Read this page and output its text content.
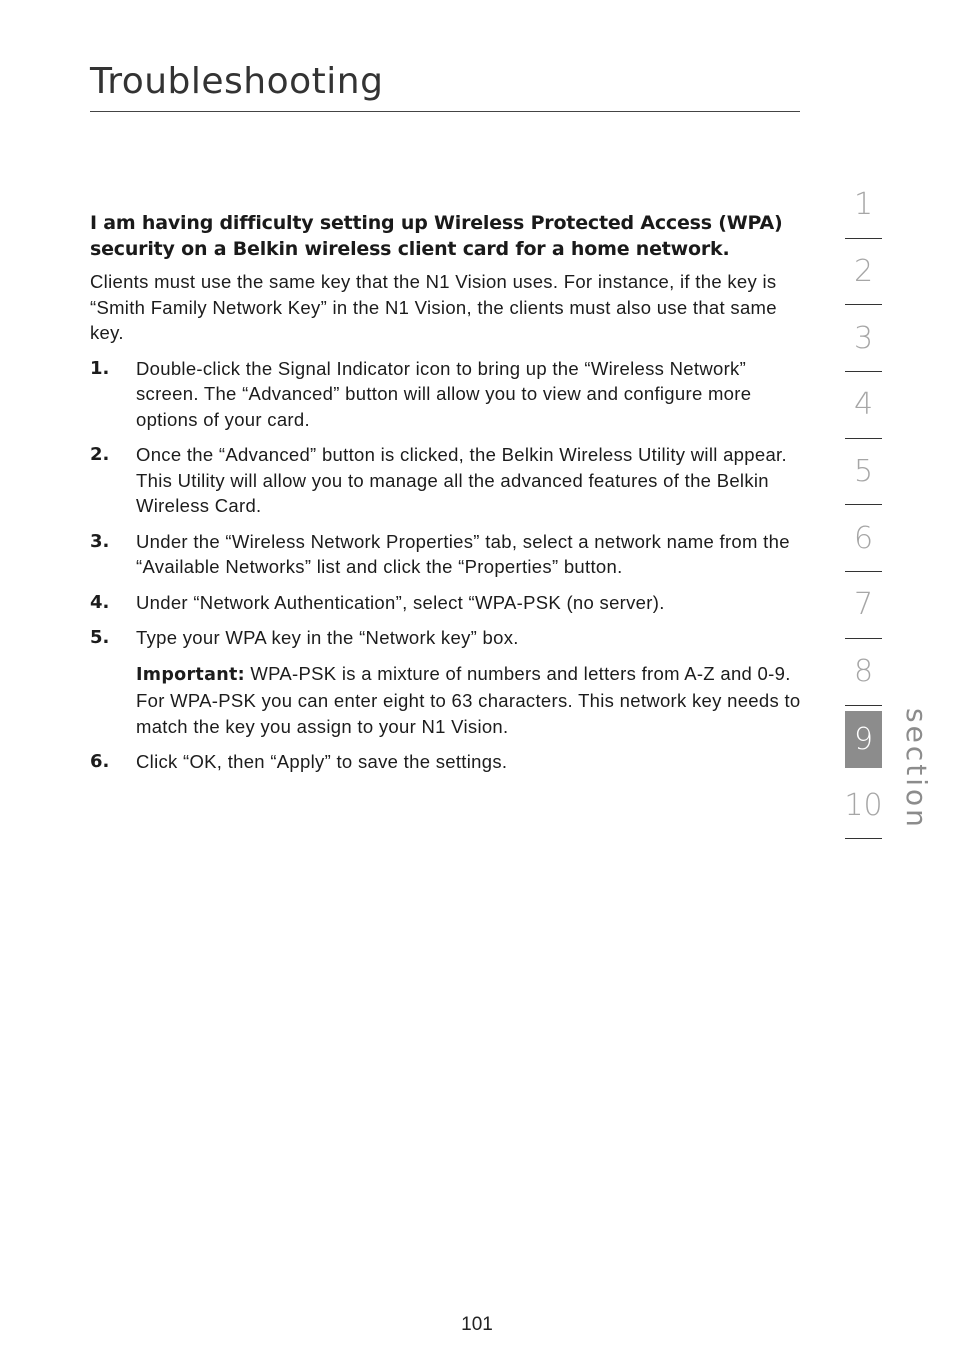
Troubleshooting

I am having difficulty setting up Wireless Protected Access (WPA) security on a Belkin wireless client card for a home network.

Clients must use the same key that the N1 Vision uses. For instance, if the key is “Smith Family Network Key” in the N1 Vision, the clients must also use that same key.

1. Double-click the Signal Indicator icon to bring up the “Wireless Network” screen. The “Advanced” button will allow you to view and configure more options of your card.
2. Once the “Advanced” button is clicked, the Belkin Wireless Utility will appear. This Utility will allow you to manage all the advanced features of the Belkin Wireless Card.
3. Under the “Wireless Network Properties” tab, select a network name from the “Available Networks” list and click the “Properties” button.
4. Under “Network Authentication”, select “WPA-PSK (no server).
5. Type your WPA key in the “Network key” box.
Important: WPA-PSK is a mixture of numbers and letters from A-Z and 0-9. For WPA-PSK you can enter eight to 63 characters. This network key needs to match the key you assign to your N1 Vision.
6. Click “OK, then “Apply” to save the settings.
1
2
3
4
5
6
7
8
9
10 section
101
